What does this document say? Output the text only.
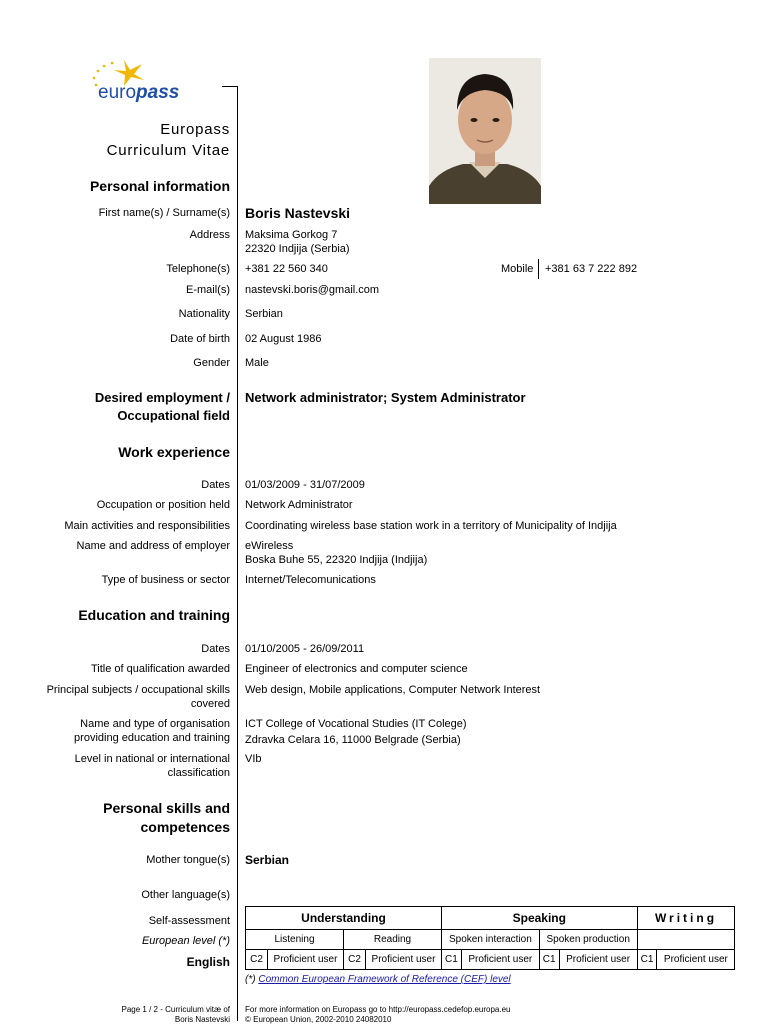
europass
Europass
Curriculum Vitae
Personal information
First name(s) / Surname(s) Boris Nastevski
Address Maksima Gorkog 7
22320 Indjija (Serbia)
Telephone(s) +381 22 560 340	Mobile +381 63 7 222 892
E-mail(s) nastevski.boris@gmail.com
Nationality Serbian
Date of birth 02 August 1986
Gender Male
Desired employment /
Occupational field
Network administrator; System Administrator
Work experience
Dates 01/03/2009 - 31/07/2009
Occupation or position held Network Administrator
Main activities and responsibilities Coordinating wireless base station work in a territory of Municipality of Indjija
Name and address of employer eWireless
Boska Buhe 55, 22320 Indjija (Indjija)
Type of business or sector Internet/Telecomunications
Education and training
Dates 01/10/2005 - 26/09/2011
Title of qualification awarded Engineer of electronics and computer science
Principal subjects / occupational skills
covered
Web design, Mobile applications, Computer Network Interest
Name and type of organisation
providing education and training
ICT College of Vocational Studies (IT Colege)
Zdravka Celara 16, 11000 Belgrade (Serbia)
Level in national or international
classification
VIb
Personal skills and
competences
Mother tongue(s) Serbian
Other language(s)
Self-assessment
European level (*)
English
Understanding				Speaking				Writing	
Listening		Reading		Spoken interaction		Spoken production			
C2	Proficient user	C2	Proficient user	C1	Proficient user	C1	Proficient user	C1	Proficient user
(*) Common European Framework of Reference (CEF) level
Page 1 / 2 - Curriculum vitæ of
Boris Nastevski
For more information on Europass go to http://europass.cedefop.europa.eu
© European Union, 2002-2010 24082010
